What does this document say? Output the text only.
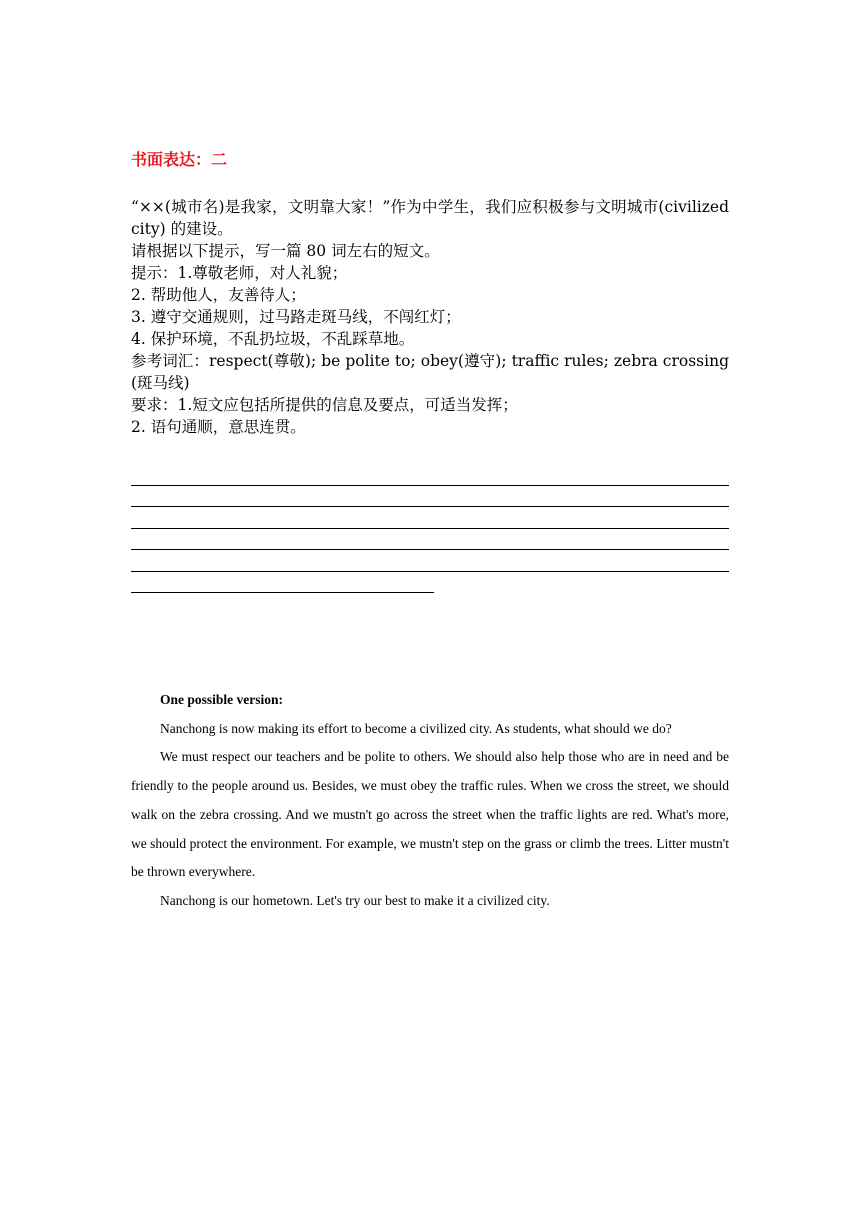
书面表达：二

“××(城市名)是我家，文明靠大家！”作为中学生，我们应积极参与文明城市(civilized city) 的建设。

请根据以下提示，写一篇 80 词左右的短文。

提示：1.尊敬老师，对人礼貌；

2. 帮助他人，友善待人；

3. 遵守交通规则，过马路走斑马线，不闯红灯；

4. 保护环境，不乱扔垃圾，不乱踩草地。

参考词汇：respect(尊敬); be polite to; obey(遵守); traffic rules; zebra crossing(斑马线)

要求：1.短文应包括所提供的信息及要点，可适当发挥；

2. 语句通顺，意思连贯。

One possible version:

Nanchong is now making its effort to become a civilized city. As students, what should we do?

We must respect our teachers and be polite to others. We should also help those who are in need and be friendly to the people around us. Besides, we must obey the traffic rules. When we cross the street, we should walk on the zebra crossing. And we mustn't go across the street when the traffic lights are red. What's more, we should protect the environment. For example, we mustn't step on the grass or climb the trees. Litter mustn't be thrown everywhere.

Nanchong is our hometown. Let's try our best to make it a civilized city.
